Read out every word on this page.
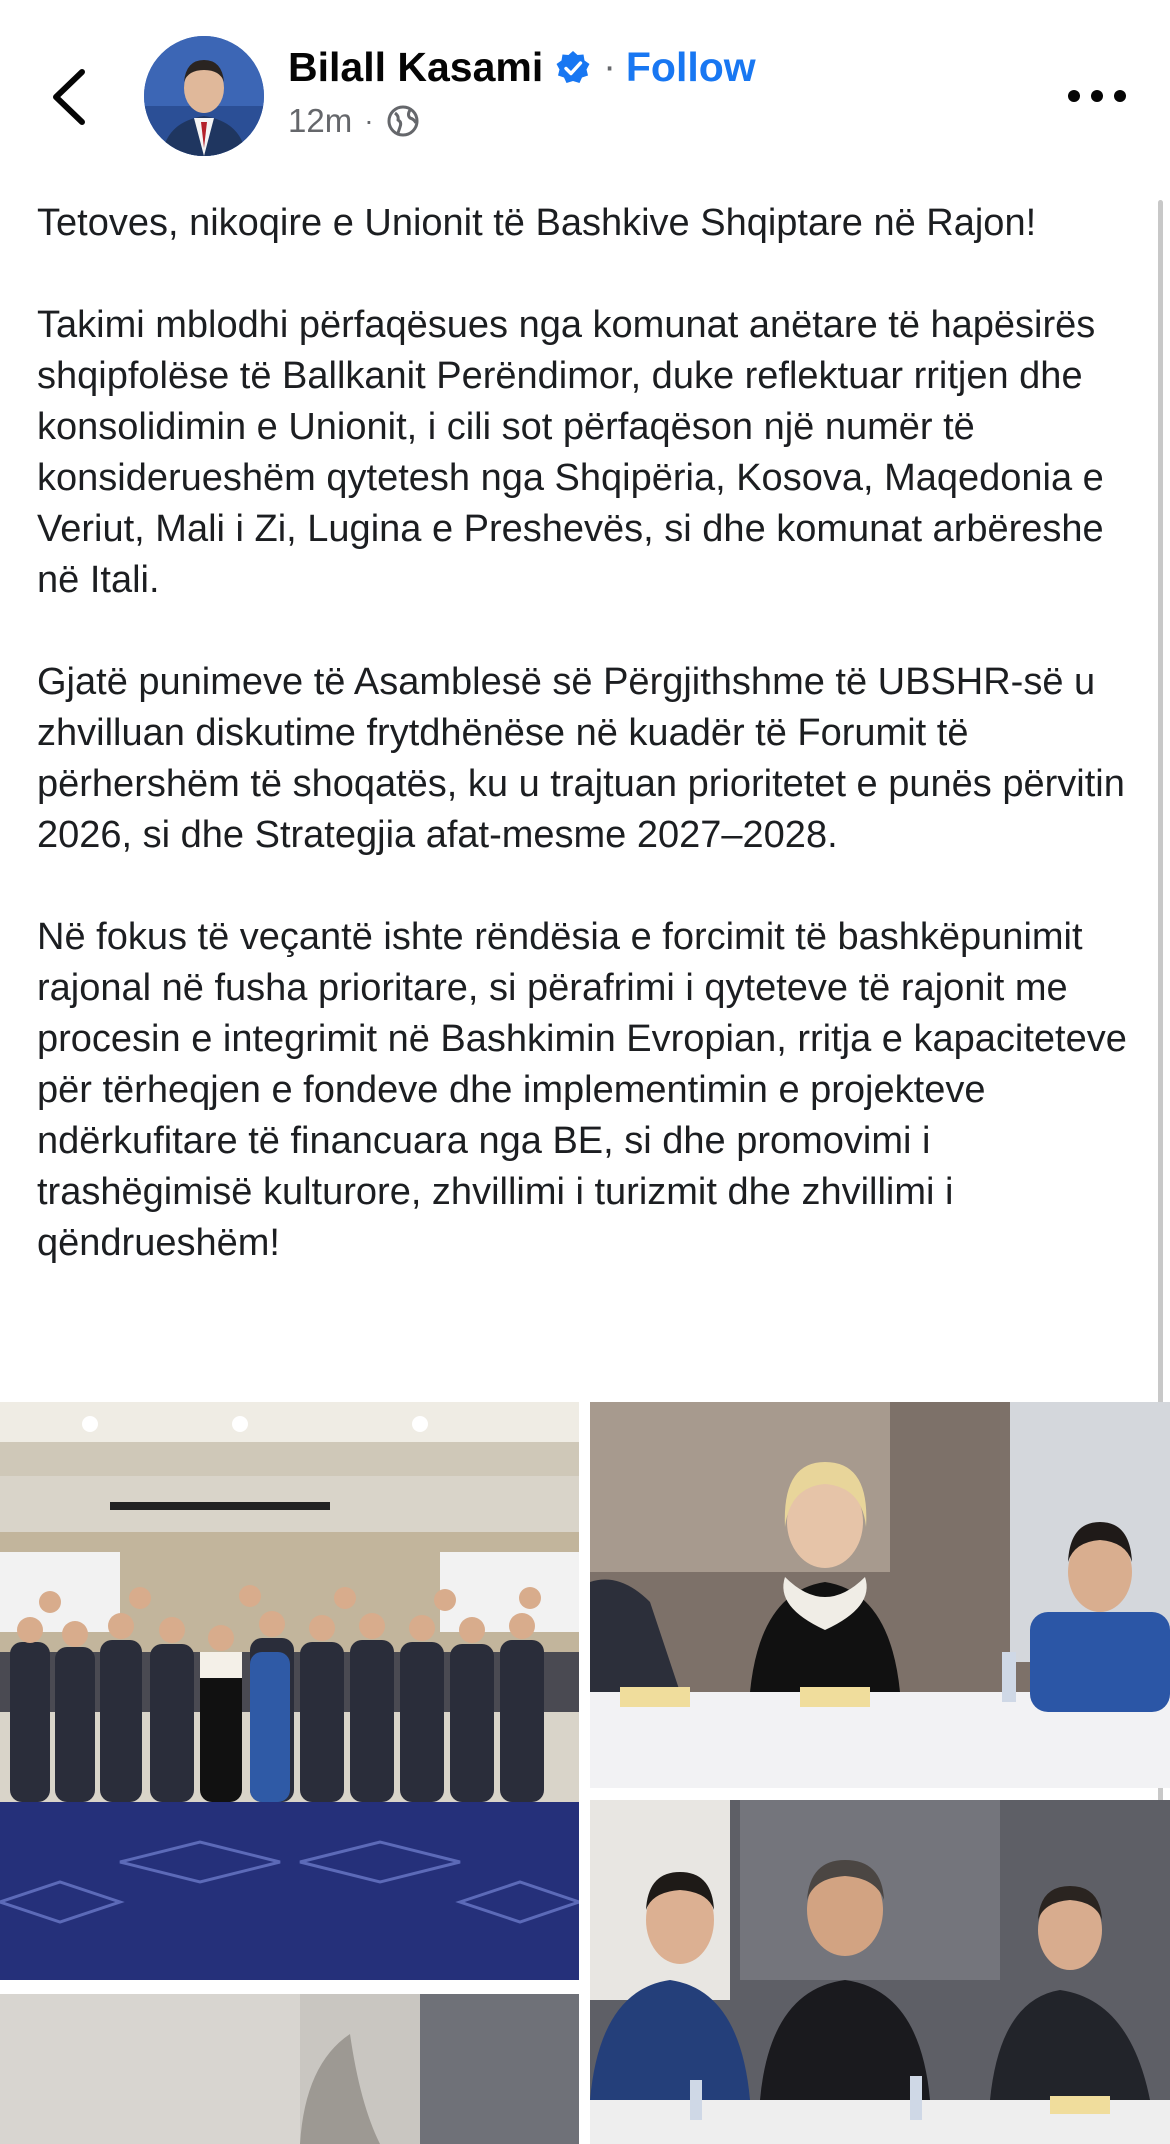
Bilall Kasami · Follow
12m ·

Tetoves, nikoqire e Unionit të Bashkive Shqiptare në Rajon!

Takimi mblodhi përfaqësues nga komunat anëtare të hapësirës shqipfolëse të Ballkanit Perëndimor, duke reflektuar rritjen dhe konsolidimin e Unionit, i cili sot përfaqëson një numër të konsiderueshëm qytetesh nga Shqipëria, Kosova, Maqedonia e Veriut, Mali i Zi, Lugina e Preshevës, si dhe komunat arbëreshe në Itali.

Gjatë punimeve të Asamblesë së Përgjithshme të UBSHR-së u zhvilluan diskutime frytdhënëse në kuadër të Forumit të përhershëm të shoqatës, ku u trajtuan prioritetet e punës përvitin 2026, si dhe Strategjia afat-mesme 2027–2028.

Në fokus të veçantë ishte rëndësia e forcimit të bashkëpunimit rajonal në fusha prioritare, si përafrimi i qyteteve të rajonit me procesin e integrimit në Bashkimin Evropian, rritja e kapaciteteve për tërheqjen e fondeve dhe implementimin e projekteve ndërkufitare të financuara nga BE, si dhe promovimi i trashëgimisë kulturore, zhvillimi i turizmit dhe zhvillimi i qëndrueshëm!
